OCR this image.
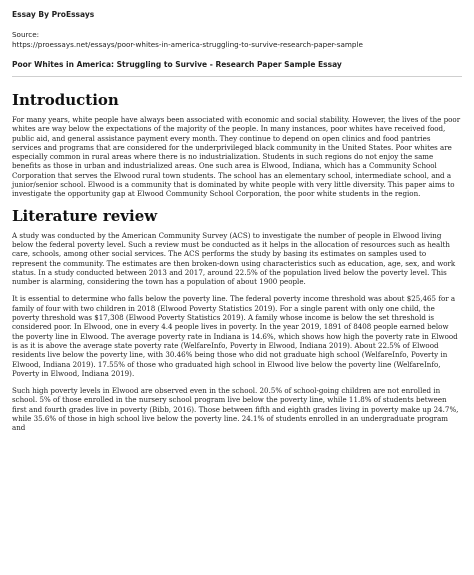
Essay By ProEssays
Source:
https://proessays.net/essays/poor-whites-in-america-struggling-to-survive-research-paper-sample
Poor Whites in America: Struggling to Survive - Research Paper Sample Essay
Introduction

For many years, white people have always been associated with economic and social stability. However, the lives of the poor whites are way below the expectations of the majority of the people. In many instances, poor whites have received food, public aid, and general assistance payment every month. They continue to depend on open clinics and food pantries services and programs that are considered for the underprivileged black community in the United States. Poor whites are especially common in rural areas where there is no industrialization. Students in such regions do not enjoy the same benefits as those in urban and industrialized areas. One such area is Elwood, Indiana, which has a Community School Corporation that serves the Elwood rural town students. The school has an elementary school, intermediate school, and a junior/senior school. Elwood is a community that is dominated by white people with very little diversity. This paper aims to investigate the opportunity gap at Elwood Community School Corporation, the poor white students in the region.

Literature review

A study was conducted by the American Community Survey (ACS) to investigate the number of people in Elwood living below the federal poverty level. Such a review must be conducted as it helps in the allocation of resources such as health care, schools, among other social services. The ACS performs the study by basing its estimates on samples used to represent the community. The estimates are then broken-down using characteristics such as education, age, sex, and work status. In a study conducted between 2013 and 2017, around 22.5% of the population lived below the poverty level. This number is alarming, considering the town has a population of about 1900 people.

It is essential to determine who falls below the poverty line. The federal poverty income threshold was about $25,465 for a family of four with two children in 2018 (Elwood Poverty Statistics 2019). For a single parent with only one child, the poverty threshold was $17,308 (Elwood Poverty Statistics 2019). A family whose income is below the set threshold is considered poor. In Elwood, one in every 4.4 people lives in poverty. In the year 2019, 1891 of 8408 people earned below the poverty line in Elwood. The average poverty rate in Indiana is 14.6%, which shows how high the poverty rate in Elwood is as it is above the average state poverty rate (WelfareInfo, Poverty in Elwood, Indiana 2019). About 22.5% of Elwood residents live below the poverty line, with 30.46% being those who did not graduate high school (WelfareInfo, Poverty in Elwood, Indiana 2019). 17.55% of those who graduated high school in Elwood live below the poverty line (WelfareInfo, Poverty in Elwood, Indiana 2019).

Such high poverty levels in Elwood are observed even in the school. 20.5% of school-going children are not enrolled in school. 5% of those enrolled in the nursery school program live below the poverty line, while 11.8% of students between first and fourth grades live in poverty (Bibb, 2016). Those between fifth and eighth grades living in poverty make up 24.7%, while 35.6% of those in high school live below the poverty line. 24.1% of students enrolled in an undergraduate program and
